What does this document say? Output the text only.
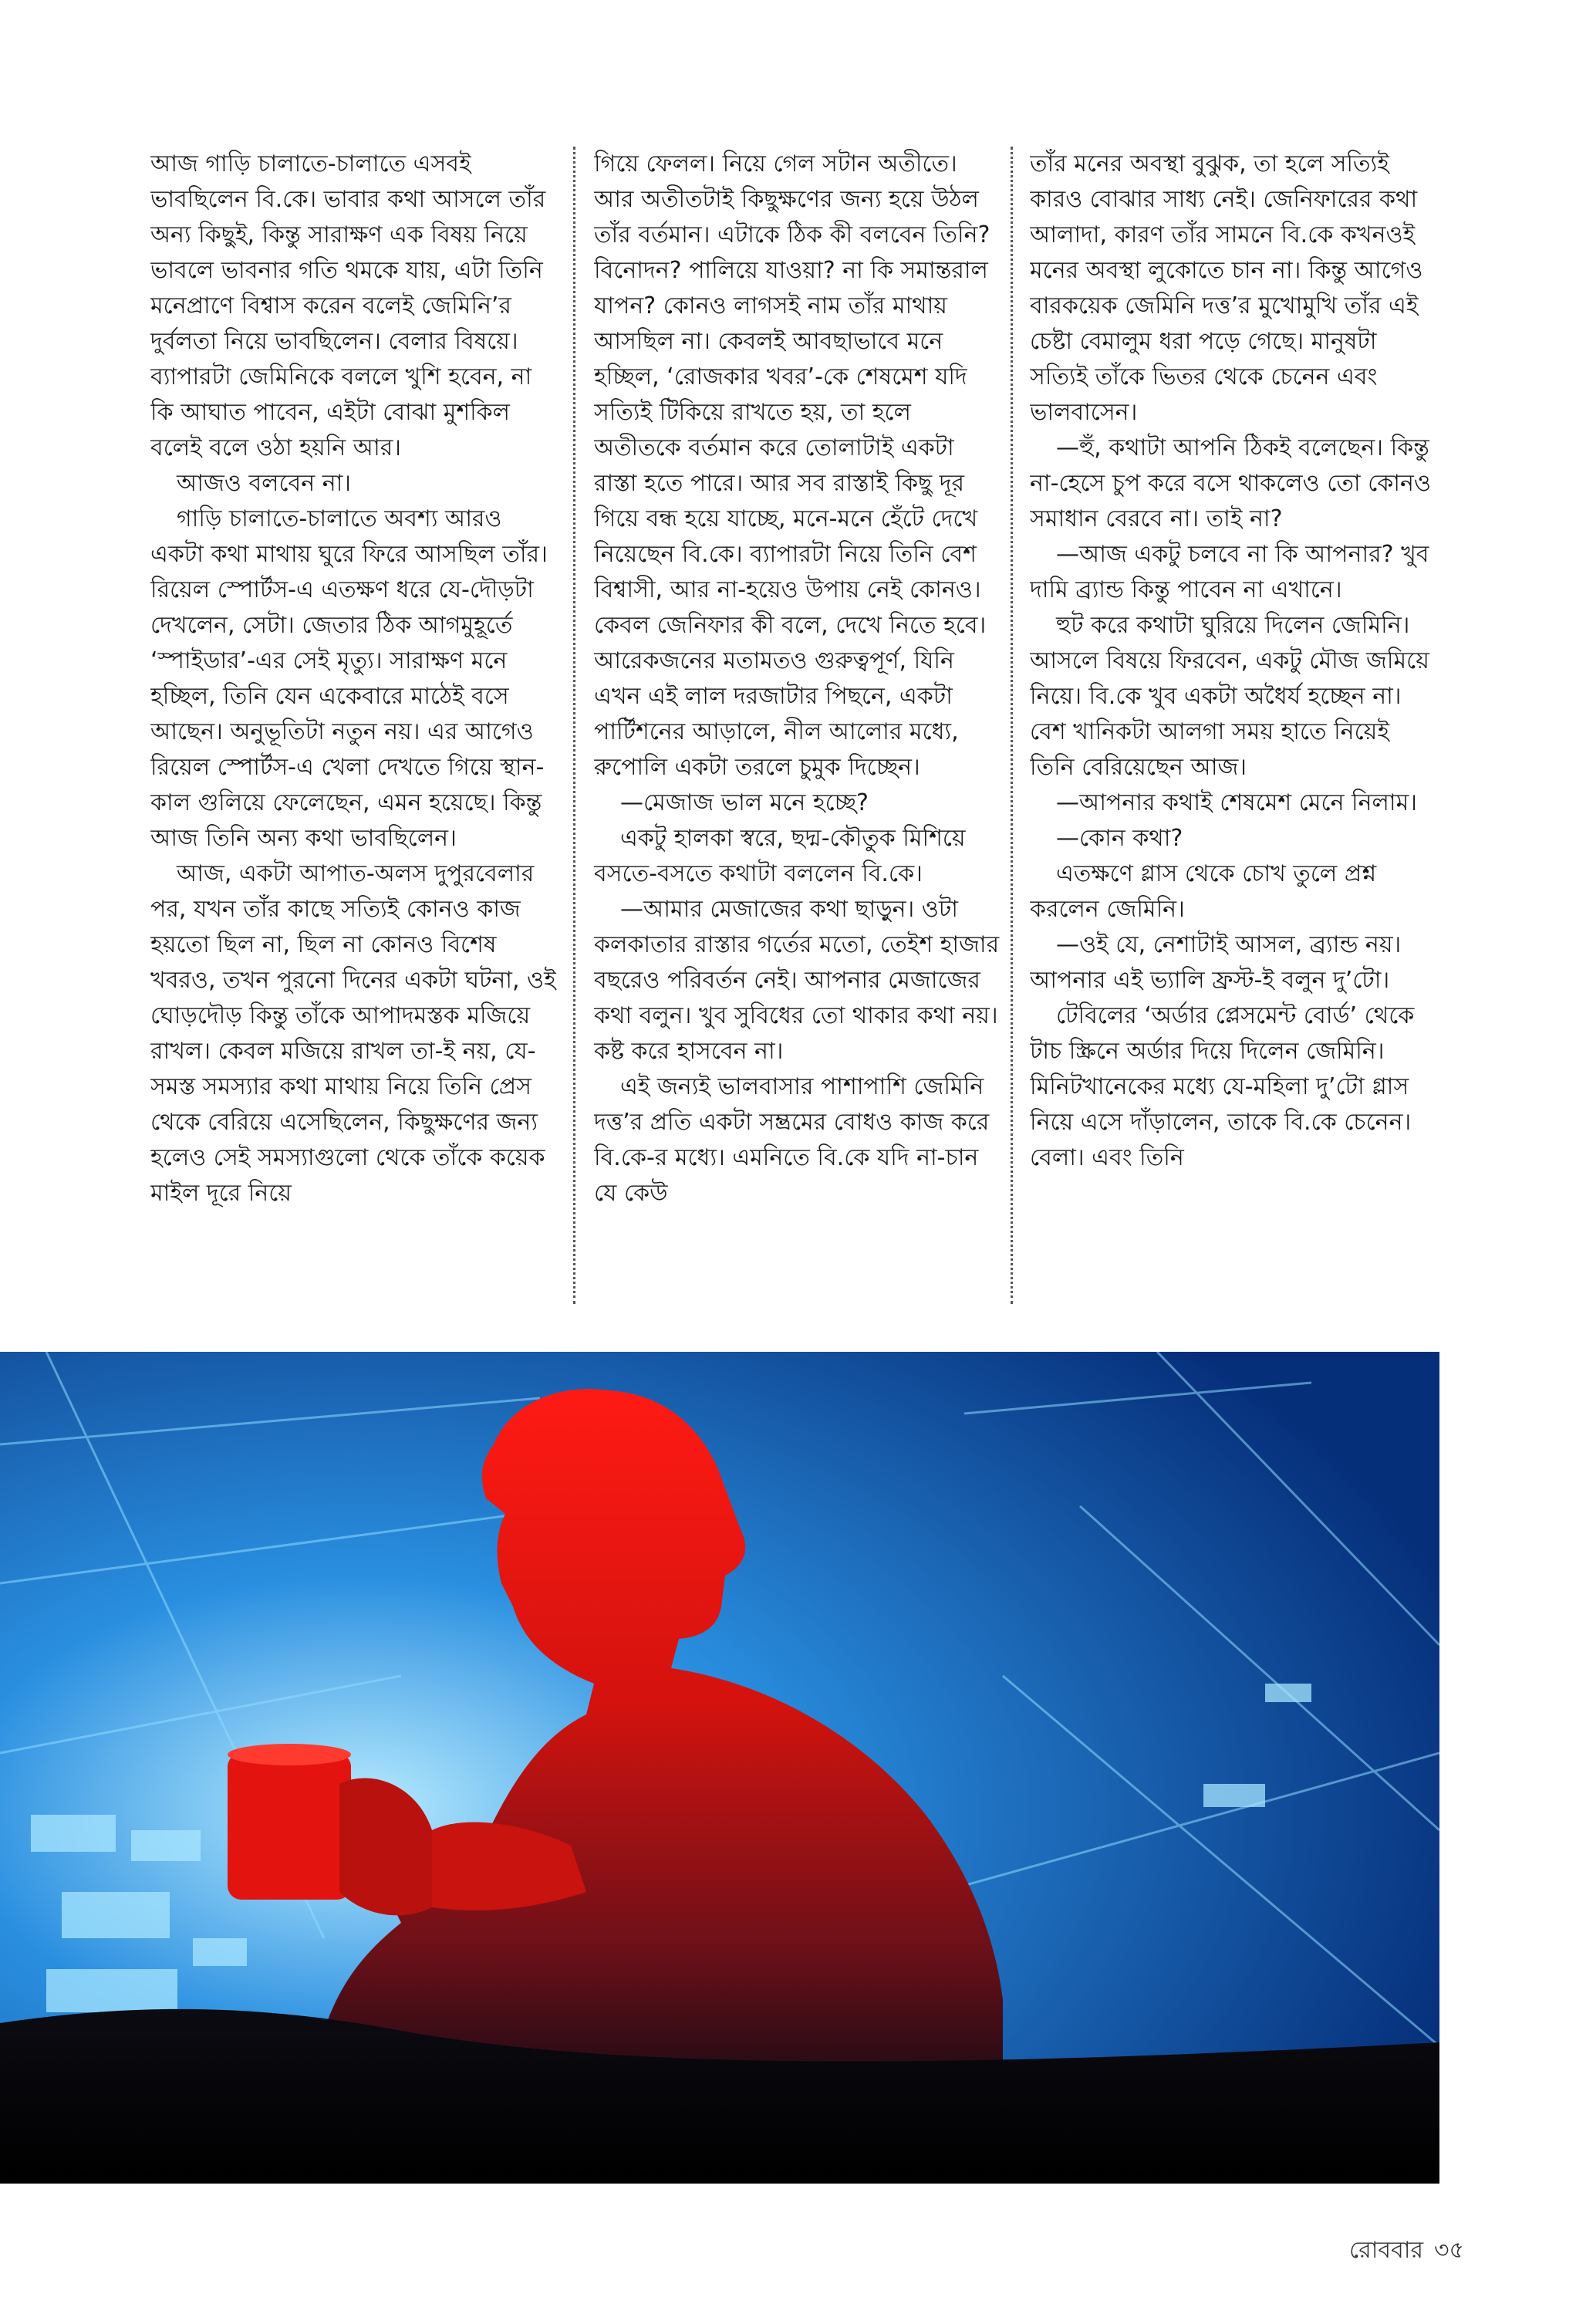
আজ গাড়ি চালাতে-চালাতে এসবই ভাবছিলেন বি.কে। ভাবার কথা আসলে তাঁর অন্য কিছুই, কিন্তু সারাক্ষণ এক বিষয় নিয়ে ভাবলে ভাবনার গতি থমকে যায়, এটা তিনি মনেপ্রাণে বিশ্বাস করেন বলেই জেমিনি’র দুর্বলতা নিয়ে ভাবছিলেন। বেলার বিষয়ে। ব্যাপারটা জেমিনিকে বললে খুশি হবেন, না কি আঘাত পাবেন, এইটা বোঝা মুশকিল বলেই বলে ওঠা হয়নি আর।

আজও বলবেন না।

গাড়ি চালাতে-চালাতে অবশ্য আরও একটা কথা মাথায় ঘুরে ফিরে আসছিল তাঁর। রিয়েল স্পোর্টস-এ এতক্ষণ ধরে যে-দৌড়টা দেখলেন, সেটা। জেতার ঠিক আগমুহূর্তে ‘স্পাইডার’-এর সেই মৃত্যু। সারাক্ষণ মনে হচ্ছিল, তিনি যেন একেবারে মাঠেই বসে আছেন। অনুভূতিটা নতুন নয়। এর আগেও রিয়েল স্পোর্টস-এ খেলা দেখতে গিয়ে স্থান-কাল গুলিয়ে ফেলেছেন, এমন হয়েছে। কিন্তু আজ তিনি অন্য কথা ভাবছিলেন।

আজ, একটা আপাত-অলস দুপুরবেলার পর, যখন তাঁর কাছে সত্যিই কোনও কাজ হয়তো ছিল না, ছিল না কোনও বিশেষ খবরও, তখন পুরনো দিনের একটা ঘটনা, ওই ঘোড়দৌড় কিন্তু তাঁকে আপাদমস্তক মজিয়ে রাখল। কেবল মজিয়ে রাখল তা-ই নয়, যে-সমস্ত সমস্যার কথা মাথায় নিয়ে তিনি প্রেস থেকে বেরিয়ে এসেছিলেন, কিছুক্ষণের জন্য হলেও সেই সমস্যাগুলো থেকে তাঁকে কয়েক মাইল দূরে নিয়ে

গিয়ে ফেলল। নিয়ে গেল সটান অতীতে। আর অতীতটাই কিছুক্ষণের জন্য হয়ে উঠল তাঁর বর্তমান। এটাকে ঠিক কী বলবেন তিনি? বিনোদন? পালিয়ে যাওয়া? না কি সমান্তরাল যাপন? কোনও লাগসই নাম তাঁর মাথায় আসছিল না। কেবলই আবছাভাবে মনে হচ্ছিল, ‘রোজকার খবর’-কে শেষমেশ যদি সত্যিই টিকিয়ে রাখতে হয়, তা হলে অতীতকে বর্তমান করে তোলাটাই একটা রাস্তা হতে পারে। আর সব রাস্তাই কিছু দূর গিয়ে বন্ধ হয়ে যাচ্ছে, মনে-মনে হেঁটে দেখে নিয়েছেন বি.কে। ব্যাপারটা নিয়ে তিনি বেশ বিশ্বাসী, আর না-হয়েও উপায় নেই কোনও। কেবল জেনিফার কী বলে, দেখে নিতে হবে। আরেকজনের মতামতও গুরুত্বপূর্ণ, যিনি এখন এই লাল দরজাটার পিছনে, একটা পার্টিশনের আড়ালে, নীল আলোর মধ্যে, রুপোলি একটা তরলে চুমুক দিচ্ছেন।

—মেজাজ ভাল মনে হচ্ছে?

একটু হালকা স্বরে, ছদ্ম-কৌতুক মিশিয়ে বসতে-বসতে কথাটা বললেন বি.কে।

—আমার মেজাজের কথা ছাড়ুন। ওটা কলকাতার রাস্তার গর্তের মতো, তেইশ হাজার বছরেও পরিবর্তন নেই। আপনার মেজাজের কথা বলুন। খুব সুবিধের তো থাকার কথা নয়। কষ্ট করে হাসবেন না।

এই জন্যই ভালবাসার পাশাপাশি জেমিনি দত্ত’র প্রতি একটা সম্ভ্রমের বোধও কাজ করে বি.কে-র মধ্যে। এমনিতে বি.কে যদি না-চান যে কেউ

তাঁর মনের অবস্থা বুঝুক, তা হলে সত্যিই কারও বোঝার সাধ্য নেই। জেনিফারের কথা আলাদা, কারণ তাঁর সামনে বি.কে কখনওই মনের অবস্থা লুকোতে চান না। কিন্তু আগেও বারকয়েক জেমিনি দত্ত’র মুখোমুখি তাঁর এই চেষ্টা বেমালুম ধরা পড়ে গেছে। মানুষটা সত্যিই তাঁকে ভিতর থেকে চেনেন এবং ভালবাসেন।

—হুঁ, কথাটা আপনি ঠিকই বলেছেন। কিন্তু না-হেসে চুপ করে বসে থাকলেও তো কোনও সমাধান বেরবে না। তাই না?

—আজ একটু চলবে না কি আপনার? খুব দামি ব্র্যান্ড কিন্তু পাবেন না এখানে।

হুট করে কথাটা ঘুরিয়ে দিলেন জেমিনি। আসলে বিষয়ে ফিরবেন, একটু মৌজ জমিয়ে নিয়ে। বি.কে খুব একটা অধৈর্য হচ্ছেন না। বেশ খানিকটা আলগা সময় হাতে নিয়েই তিনি বেরিয়েছেন আজ।

—আপনার কথাই শেষমেশ মেনে নিলাম।

—কোন কথা?

এতক্ষণে গ্লাস থেকে চোখ তুলে প্রশ্ন করলেন জেমিনি।

—ওই যে, নেশাটাই আসল, ব্র্যান্ড নয়। আপনার এই ভ্যালি ফ্রস্ট-ই বলুন দু’টো।

টেবিলের ‘অর্ডার প্লেসমেন্ট বোর্ড’ থেকে টাচ স্ক্রিনে অর্ডার দিয়ে দিলেন জেমিনি। মিনিটখানেকের মধ্যে যে-মহিলা দু’টো গ্লাস নিয়ে এসে দাঁড়ালেন, তাকে বি.কে চেনেন। বেলা। এবং তিনি

রোববার ৩৫
